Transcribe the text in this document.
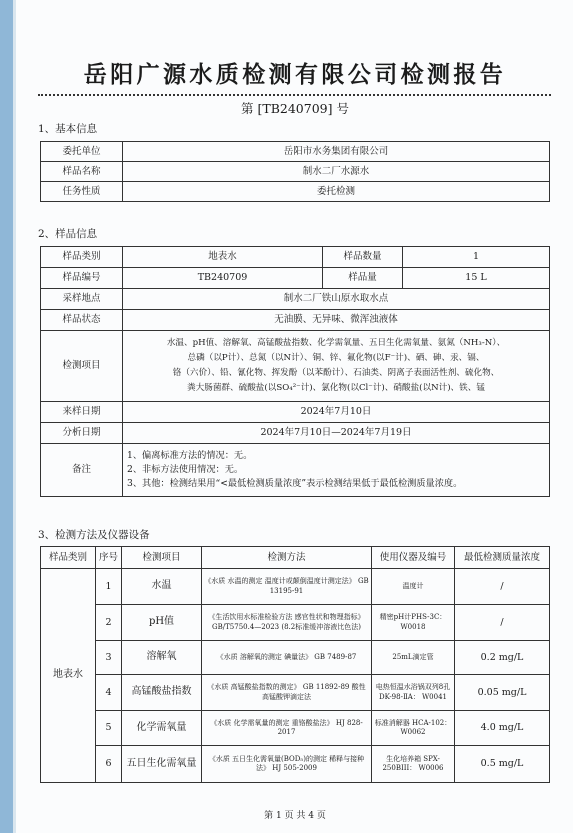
岳阳广源水质检测有限公司检测报告
第 [TB240709] 号
1、基本信息
委托单位	岳阳市水务集团有限公司
样品名称	制水二厂水源水
任务性质	委托检测
2、样品信息
样品类别	地表水	样品数量	1
样品编号	TB240709	样品量	15 L
采样地点	制水二厂铁山原水取水点		
样品状态	无油膜、无异味、微浑浊液体		
检测项目	水温、pH值、溶解氧、高锰酸盐指数、化学需氧量、五日生化需氧量、氨氮（NH₃-N）、
总磷（以P计）、总氮（以N计）、铜、锌、氟化物(以F⁻计)、硒、砷、汞、镉、
铬（六价）、铅、氰化物、挥发酚（以苯酚计）、石油类、阴离子表面活性剂、硫化物、
粪大肠菌群、硫酸盐(以SO₄²⁻计)、氯化物(以Cl⁻计)、硝酸盐(以N计)、铁、锰		

来样日期	2024年7月10日		
分析日期	2024年7月10日—2024年7月19日		
备注	1、偏离标准方法的情况：无。
2、非标方法使用情况：无。
3、其他：检测结果用“<最低检测质量浓度”表示检测结果低于最低检测质量浓度。		
3、检测方法及仪器设备
样品类别	序号	检测项目	检测方法	使用仪器及编号	最低检测质量浓度
地表水	1	水温	《水质 水温的测定 温度计或颠倒温度计测定法》 GB 13195-91	温度计	/
	2	pH值	《生活饮用水标准检验方法 感官性状和物理指标》GB/T5750.4—2023 (8.2标准缓冲溶液比色法)	精密pH计PHS-3C： W0018	/
	3	溶解氧	《水质 溶解氧的测定 碘量法》 GB 7489-87	25mL滴定管	0.2 mg/L
	4	高锰酸盐指数	《水质 高锰酸盐指数的测定》 GB 11892-89 酸性高锰酸钾滴定法	电热恒温水浴锅双列8孔 DK-98-ⅡA： W0041	0.05 mg/L
	5	化学需氧量	《水质 化学需氧量的测定 重铬酸盐法》 HJ 828-2017	标准消解器 HCA-102： W0062	4.0 mg/L
	6	五日生化需氧量	《水质 五日生化需氧量(BOD₅)的测定 稀释与接种法》 HJ 505-2009	生化培养箱 SPX-250BIII： W0006	0.5 mg/L
第 1 页 共 4 页
